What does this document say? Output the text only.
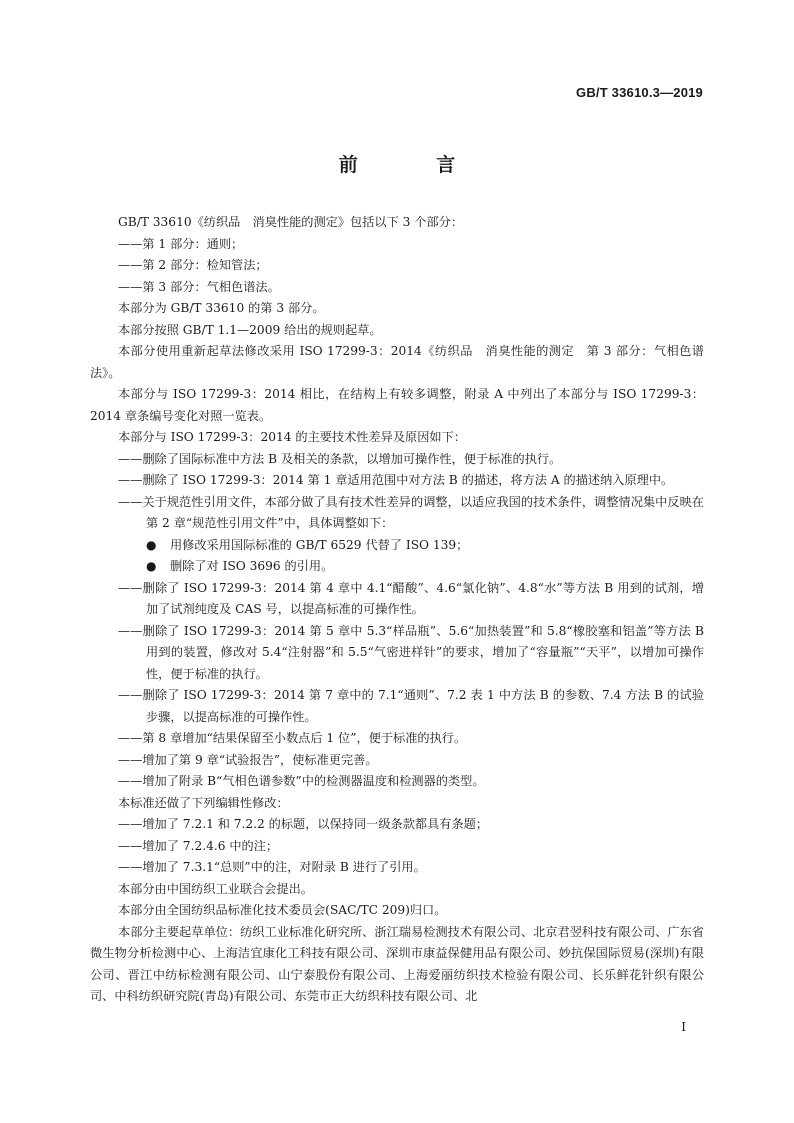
GB/T 33610.3—2019
前 言

GB/T 33610《纺织品　消臭性能的测定》包括以下 3 个部分：

——第 1 部分：通则；

——第 2 部分：检知管法；

——第 3 部分：气相色谱法。

本部分为 GB/T 33610 的第 3 部分。

本部分按照 GB/T 1.1—2009 给出的规则起草。

本部分使用重新起草法修改采用 ISO 17299-3：2014《纺织品　消臭性能的测定　第 3 部分：气相色谱法》。

本部分与 ISO 17299-3：2014 相比，在结构上有较多调整，附录 A 中列出了本部分与 ISO 17299-3：2014 章条编号变化对照一览表。

本部分与 ISO 17299-3：2014 的主要技术性差异及原因如下：

——删除了国际标准中方法 B 及相关的条款，以增加可操作性，便于标准的执行。

——删除了 ISO 17299-3：2014 第 1 章适用范围中对方法 B 的描述，将方法 A 的描述纳入原理中。

——关于规范性引用文件，本部分做了具有技术性差异的调整，以适应我国的技术条件，调整情况集中反映在第 2 章“规范性引用文件”中，具体调整如下：

● 用修改采用国际标准的 GB/T 6529 代替了 ISO 139；

● 删除了对 ISO 3696 的引用。

——删除了 ISO 17299-3：2014 第 4 章中 4.1“醋酸”、4.6“氯化钠”、4.8“水”等方法 B 用到的试剂，增加了试剂纯度及 CAS 号，以提高标准的可操作性。

——删除了 ISO 17299-3：2014 第 5 章中 5.3“样品瓶”、5.6“加热装置”和 5.8“橡胶塞和铝盖”等方法 B 用到的装置，修改对 5.4“注射器”和 5.5“气密进样针”的要求，增加了“容量瓶”“天平”，以增加可操作性，便于标准的执行。

——删除了 ISO 17299-3：2014 第 7 章中的 7.1“通则”、7.2 表 1 中方法 B 的参数、7.4 方法 B 的试验步骤，以提高标准的可操作性。

——第 8 章增加“结果保留至小数点后 1 位”，便于标准的执行。

——增加了第 9 章“试验报告”，使标准更完善。

——增加了附录 B“气相色谱参数”中的检测器温度和检测器的类型。

本标准还做了下列编辑性修改：

——增加了 7.2.1 和 7.2.2 的标题，以保持同一级条款都具有条题；

——增加了 7.2.4.6 中的注；

——增加了 7.3.1“总则”中的注，对附录 B 进行了引用。

本部分由中国纺织工业联合会提出。

本部分由全国纺织品标准化技术委员会(SAC/TC 209)归口。

本部分主要起草单位：纺织工业标准化研究所、浙江瑞易检测技术有限公司、北京君翌科技有限公司、广东省微生物分析检测中心、上海洁宜康化工科技有限公司、深圳市康益保健用品有限公司、妙抗保国际贸易(深圳)有限公司、晋江中纺标检测有限公司、山宁泰股份有限公司、上海爱丽纺织技术检验有限公司、长乐鲜花针织有限公司、中科纺织研究院(青岛)有限公司、东莞市正大纺织科技有限公司、北

I
